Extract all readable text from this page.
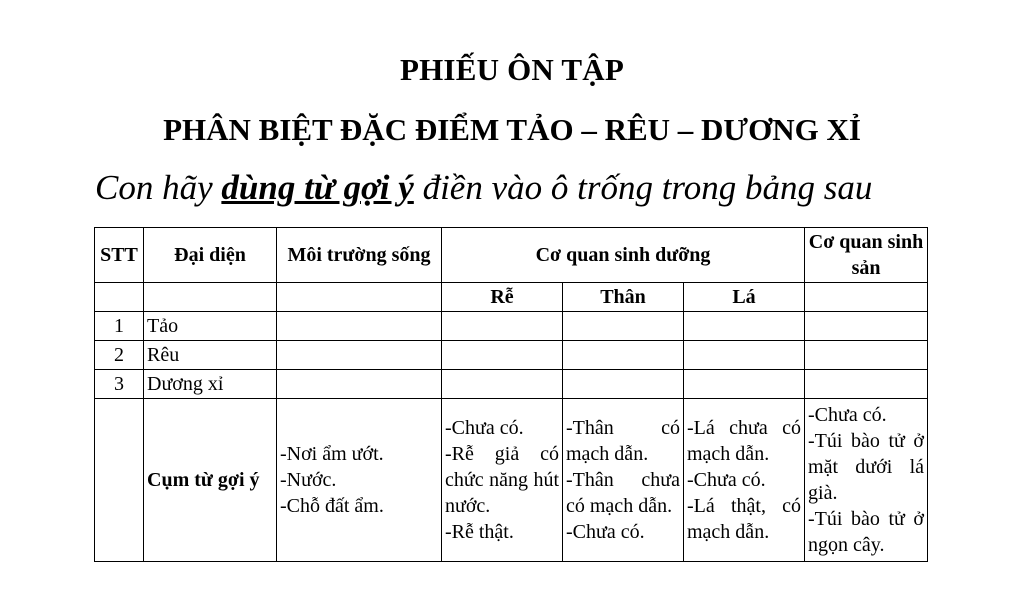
PHIẾU ÔN TẬP
PHÂN BIỆT ĐẶC ĐIỂM TẢO – RÊU – DƯƠNG XỈ
Con hãy dùng từ gợi ý điền vào ô trống trong bảng sau
STT	Đại diện	Môi trường sống	Cơ quan sinh dưỡng			Cơ quan sinh sản
			Rễ	Thân	Lá	
1	Tảo					
2	Rêu					
3	Dương xỉ					
	Cụm từ gợi ý	-Nơi ẩm ướt.
-Nước.
-Chỗ đất ẩm.	-Chưa có.
-Rễ giả có chức năng hút nước.
-Rễ thật.	-Thân có mạch dẫn.
-Thân chưa có mạch dẫn.
-Chưa có.	-Lá chưa có mạch dẫn.
-Chưa có.
-Lá thật, có mạch dẫn.	-Chưa có.
-Túi bào tử ở mặt dưới lá già.
-Túi bào tử ở ngọn cây.
